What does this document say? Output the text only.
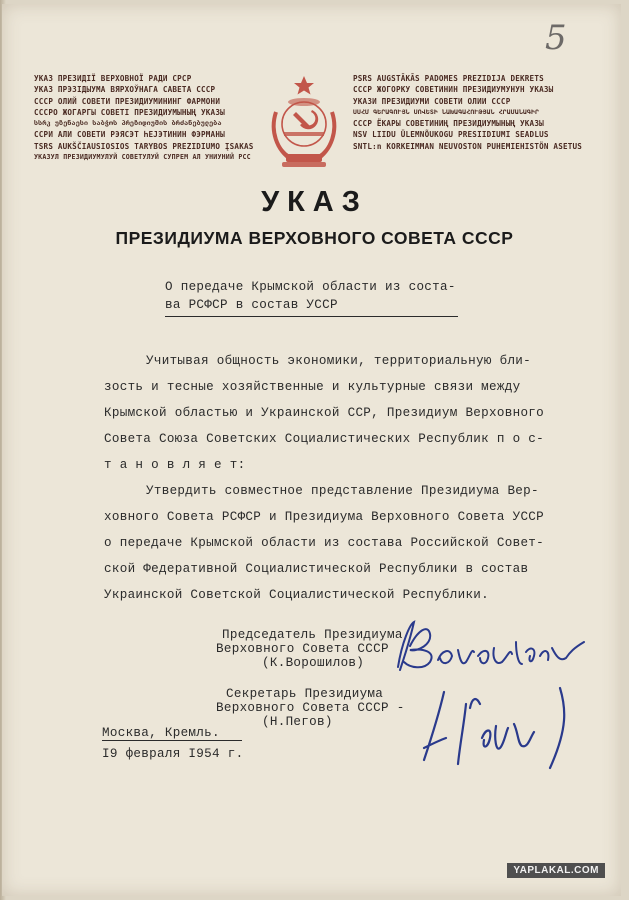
5
УКАЗ ПРЕЗИДІЇ ВЕРХОВНОЇ РАДИ СРСР
УКАЗ ПРЭЗІДЫУМА ВЯРХОЎНАГА САВЕТА СССР
СССР ОЛИЙ СОВЕТИ ПРЕЗИДИУМИНИНГ ФАРМОНИ
СССРО ЖОГАРГЫ СОВЕТІ ПРЕЗИДИУМЫНЫҢ УКАЗЫ
სსრკ უზენაესი საბჭოს პრეზიდიუმის ბრძანებულება
ССРИ АЛИ СОВЕТИ РЭЯСЭТ ҺЕЈЭТИНИН ФЭРМАНЫ
TSRS AUKŠČIAUSIOSIOS TARYBOS PREZIDIUMO ĮSAKAS
УКАЗУЛ ПРЕЗИДИУМУЛУЙ СОВЕТУЛУЙ СУПРЕМ АЛ УНИУНИЙ РСС
PSRS AUGSTĀKĀS PADOMES PREZIDIJA DEKRETS
СССР ЖОГОРКУ СОВЕТИНИН ПРЕЗИДИУМУНУН УКАЗЫ
УКАЗИ ПРЕЗИДИУМИ СОВЕТИ ОЛИИ СССР
ՍՍՀՄ ԳԵՐԱԳՈՒՅՆ ՍՈՎԵՏԻ ՆԱԽԱԳԱՀՈՒԹՅԱՆ ՀՐԱՄԱՆԱԳԻՐ
СССР ЁКАРЫ СОВЕТИНИҢ ПРЕЗИДИУМЫНЫҢ УКАЗЫ
NSV LIIDU ÜLEMNÕUKOGU PRESIIDIUMI SEADLUS
SNTL:n KORKEIMMAN NEUVOSTON PUHEMIEHISTÖN ASETUS
УКАЗ
ПРЕЗИДИУМА ВЕРХОВНОГО СОВЕТА СССР
О передаче Крымской области из соста-
ва РСФСР в состав УССР
Учитывая общность экономики, территориальную бли-
зость и тесные хозяйственные и культурные связи между
Крымской областью и Украинской ССР, Президиум Верховного
Совета Союза Советских Социалистических Республик п о с-
т а н о в л я е т:
Утвердить совместное представление Президиума Вер-
ховного Совета РСФСР и Президиума Верховного Совета УССР
о передаче Крымской области из состава Российской Совет-
ской Федеративной Социалистической Республики в состав
Украинской Советской Социалистической Республики.
Председатель Президиума
Верховного Совета СССР
(К.Ворошилов)
Секретарь Президиума
Верховного Совета СССР -
(Н.Пегов)
Москва, Кремль.
I9 февраля I954 г.
YAPLAKAL.COM
